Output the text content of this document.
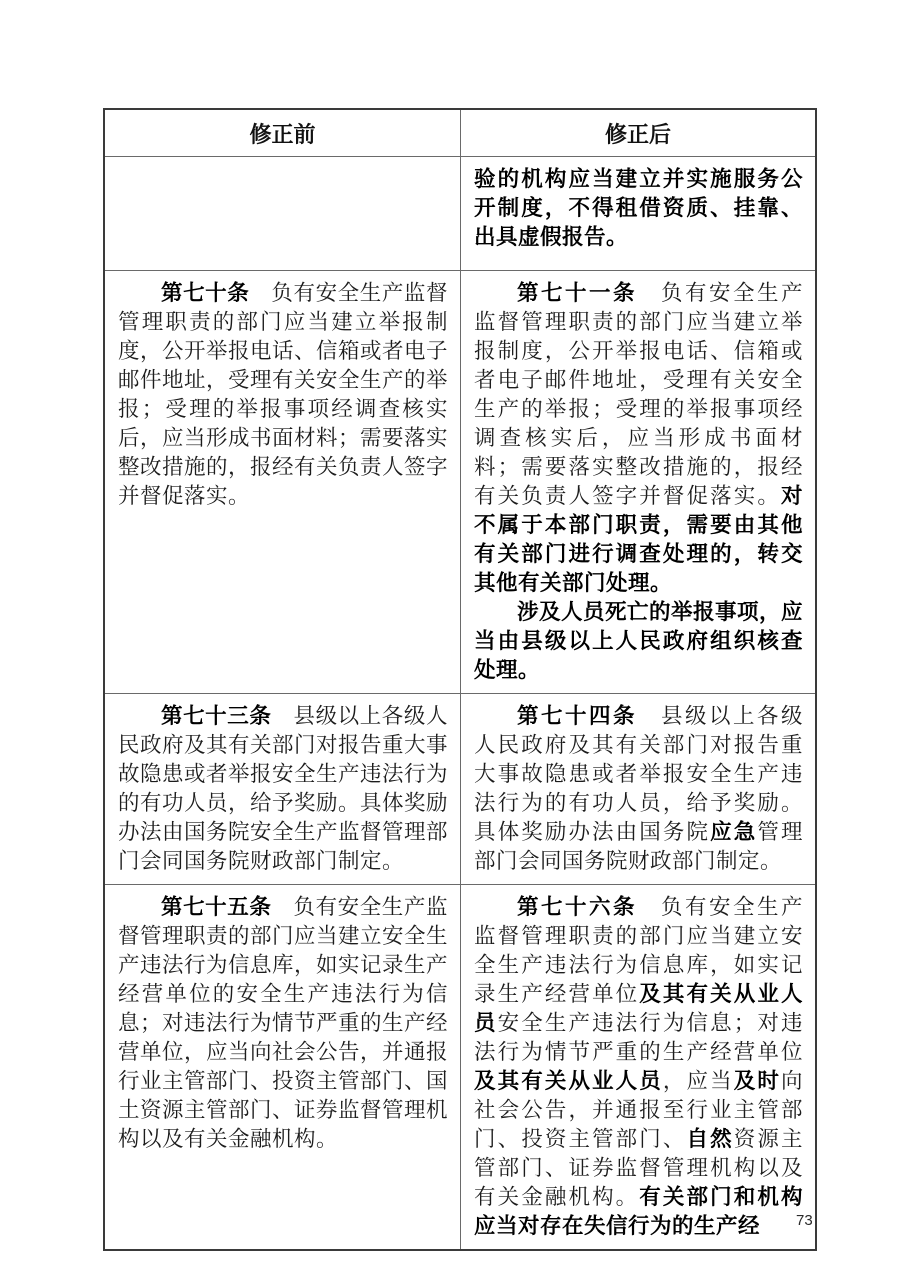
修正前	修正后

验的机构应当建立并实施服务公开制度，不得租借资质、挂靠、出具虚假报告。

第七十条　负有安全生产监督管理职责的部门应当建立举报制度，公开举报电话、信箱或者电子邮件地址，受理有关安全生产的举报；受理的举报事项经调查核实后，应当形成书面材料；需要落实整改措施的，报经有关负责人签字并督促落实。

第七十一条　负有安全生产监督管理职责的部门应当建立举报制度，公开举报电话、信箱或者电子邮件地址，受理有关安全生产的举报；受理的举报事项经调查核实后，应当形成书面材料；需要落实整改措施的，报经有关负责人签字并督促落实。对不属于本部门职责，需要由其他有关部门进行调查处理的，转交其他有关部门处理。

涉及人员死亡的举报事项，应当由县级以上人民政府组织核查处理。

第七十三条　县级以上各级人民政府及其有关部门对报告重大事故隐患或者举报安全生产违法行为的有功人员，给予奖励。具体奖励办法由国务院安全生产监督管理部门会同国务院财政部门制定。

第七十四条　县级以上各级人民政府及其有关部门对报告重大事故隐患或者举报安全生产违法行为的有功人员，给予奖励。具体奖励办法由国务院应急管理部门会同国务院财政部门制定。

第七十五条　负有安全生产监督管理职责的部门应当建立安全生产违法行为信息库，如实记录生产经营单位的安全生产违法行为信息；对违法行为情节严重的生产经营单位，应当向社会公告，并通报行业主管部门、投资主管部门、国土资源主管部门、证券监督管理机构以及有关金融机构。

第七十六条　负有安全生产监督管理职责的部门应当建立安全生产违法行为信息库，如实记录生产经营单位及其有关从业人员安全生产违法行为信息；对违法行为情节严重的生产经营单位及其有关从业人员，应当及时向社会公告，并通报至行业主管部门、投资主管部门、自然资源主管部门、证券监督管理机构以及有关金融机构。有关部门和机构应当对存在失信行为的生产经	73
